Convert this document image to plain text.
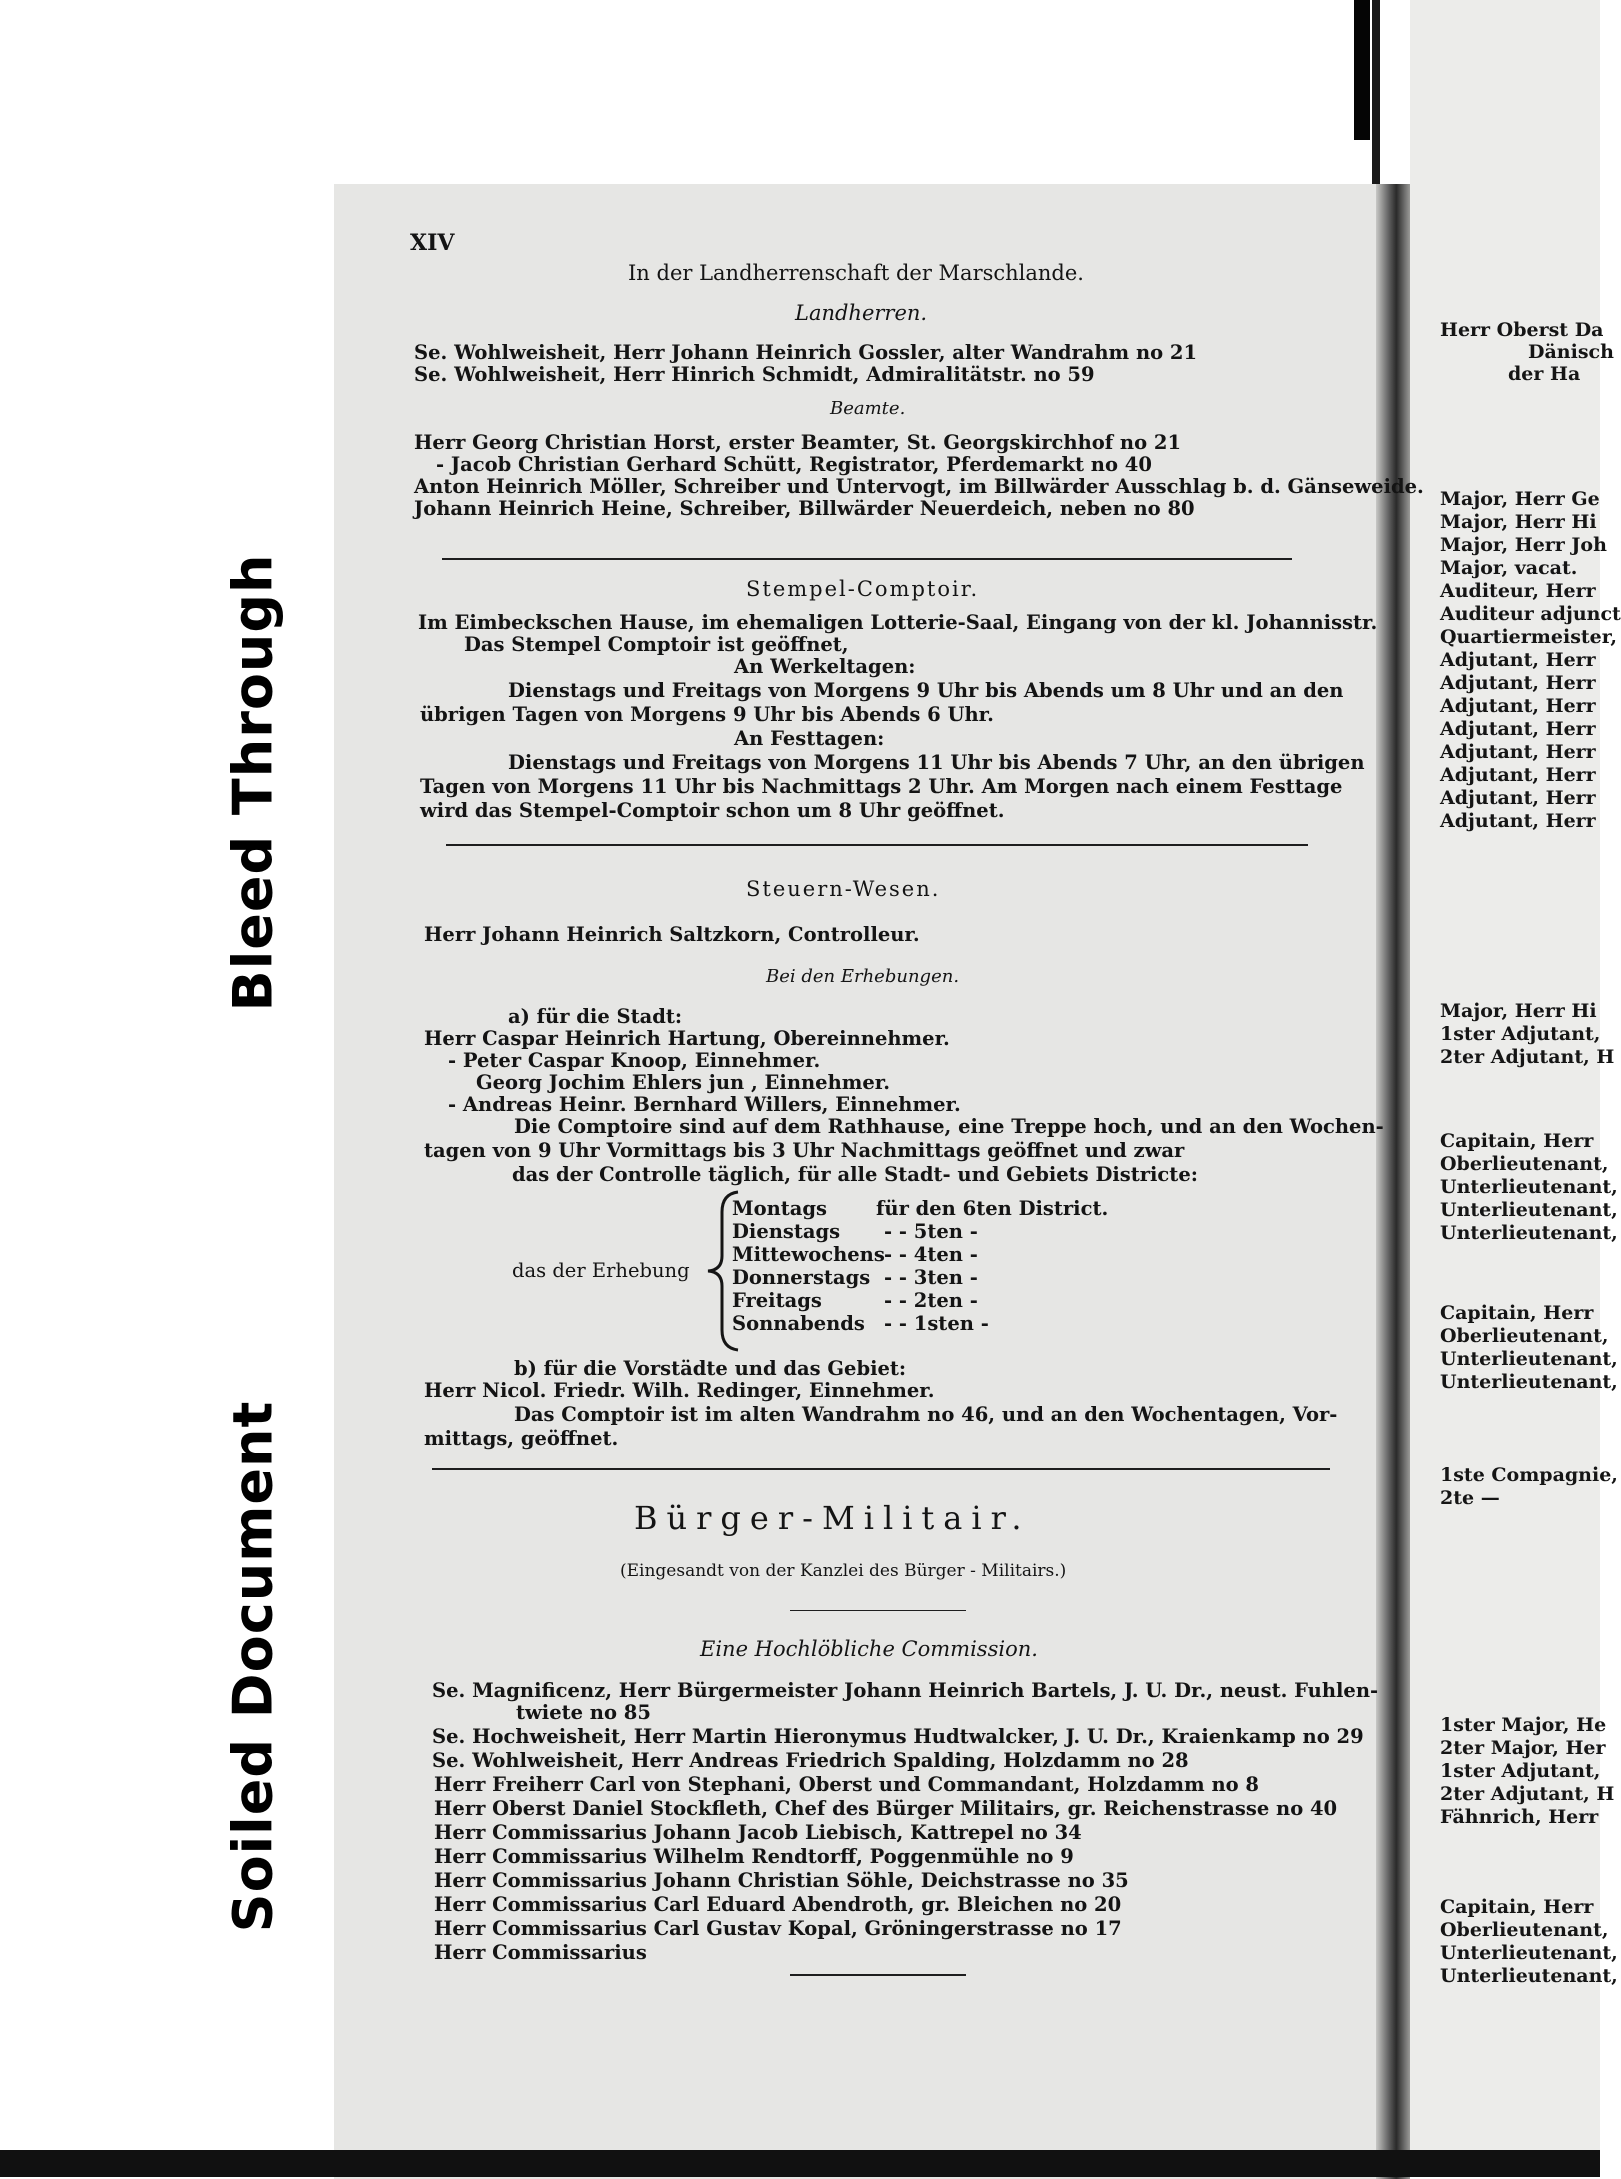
Bleed Through
Soiled Document
XIV
In der Landherrenschaft der Marschlande.
Landherren.
Se. Wohlweisheit, Herr Johann Heinrich Gossler, alter Wandrahm no 21
Se. Wohlweisheit, Herr Hinrich Schmidt, Admiralitätstr. no 59
Beamte.
Herr Georg Christian Horst, erster Beamter, St. Georgskirchhof no 21
- Jacob Christian Gerhard Schütt, Registrator, Pferdemarkt no 40
Anton Heinrich Möller, Schreiber und Untervogt, im Billwärder Ausschlag b. d. Gänseweide.
Johann Heinrich Heine, Schreiber, Billwärder Neuerdeich, neben no 80
Stempel-Comptoir.
Im Eimbeckschen Hause, im ehemaligen Lotterie-Saal, Eingang von der kl. Johannisstr.
Das Stempel Comptoir ist geöffnet,
An Werkeltagen:
Dienstags und Freitags von Morgens 9 Uhr bis Abends um 8 Uhr und an den
übrigen Tagen von Morgens 9 Uhr bis Abends 6 Uhr.
An Festtagen:
Dienstags und Freitags von Morgens 11 Uhr bis Abends 7 Uhr, an den übrigen
Tagen von Morgens 11 Uhr bis Nachmittags 2 Uhr. Am Morgen nach einem Festtage
wird das Stempel-Comptoir schon um 8 Uhr geöffnet.
Steuern-Wesen.
Herr Johann Heinrich Saltzkorn, Controlleur.
Bei den Erhebungen.
a) für die Stadt:
Herr Caspar Heinrich Hartung, Obereinnehmer.
- Peter Caspar Knoop, Einnehmer.
Georg Jochim Ehlers jun , Einnehmer.
- Andreas Heinr. Bernhard Willers, Einnehmer.
Die Comptoire sind auf dem Rathhause, eine Treppe hoch, und an den Wochen-
tagen von 9 Uhr Vormittags bis 3 Uhr Nachmittags geöffnet und zwar
das der Controlle täglich, für alle Stadt- und Gebiets Districte:
das der Erhebung
Montags
Dienstags
Mittewochens
Donnerstags
Freitags
Sonnabends
für den 6ten District.
- - 5ten -
- - 4ten -
- - 3ten -
- - 2ten -
- - 1sten -
b) für die Vorstädte und das Gebiet:
Herr Nicol. Friedr. Wilh. Redinger, Einnehmer.
Das Comptoir ist im alten Wandrahm no 46, und an den Wochentagen, Vor-
mittags, geöffnet.
Bürger-Militair.
(Eingesandt von der Kanzlei des Bürger - Militairs.)
Eine Hochlöbliche Commission.
Se. Magnificenz, Herr Bürgermeister Johann Heinrich Bartels, J. U. Dr., neust. Fuhlen-
twiete no 85
Se. Hochweisheit, Herr Martin Hieronymus Hudtwalcker, J. U. Dr., Kraienkamp no 29
Se. Wohlweisheit, Herr Andreas Friedrich Spalding, Holzdamm no 28
Herr Freiherr Carl von Stephani, Oberst und Commandant, Holzdamm no 8
Herr Oberst Daniel Stockfleth, Chef des Bürger Militairs, gr. Reichenstrasse no 40
Herr Commissarius Johann Jacob Liebisch, Kattrepel no 34
Herr Commissarius Wilhelm Rendtorff, Poggenmühle no 9
Herr Commissarius Johann Christian Söhle, Deichstrasse no 35
Herr Commissarius Carl Eduard Abendroth, gr. Bleichen no 20
Herr Commissarius Carl Gustav Kopal, Gröningerstrasse no 17
Herr Commissarius
Herr Oberst Da
Dänisch
der Ha
Major, Herr Ge
Major, Herr Hi
Major, Herr Joh
Major, vacat.
Auditeur, Herr
Auditeur adjunct
Quartiermeister,
Adjutant, Herr
Adjutant, Herr
Adjutant, Herr
Adjutant, Herr
Adjutant, Herr
Adjutant, Herr
Adjutant, Herr
Adjutant, Herr
Major, Herr Hi
1ster Adjutant,
2ter Adjutant, H
Capitain, Herr
Oberlieutenant,
Unterlieutenant,
Unterlieutenant,
Unterlieutenant,
Capitain, Herr
Oberlieutenant,
Unterlieutenant,
Unterlieutenant,
1ste Compagnie,
2te —
1ster Major, He
2ter Major, Her
1ster Adjutant,
2ter Adjutant, H
Fähnrich, Herr
Capitain, Herr
Oberlieutenant,
Unterlieutenant,
Unterlieutenant,
